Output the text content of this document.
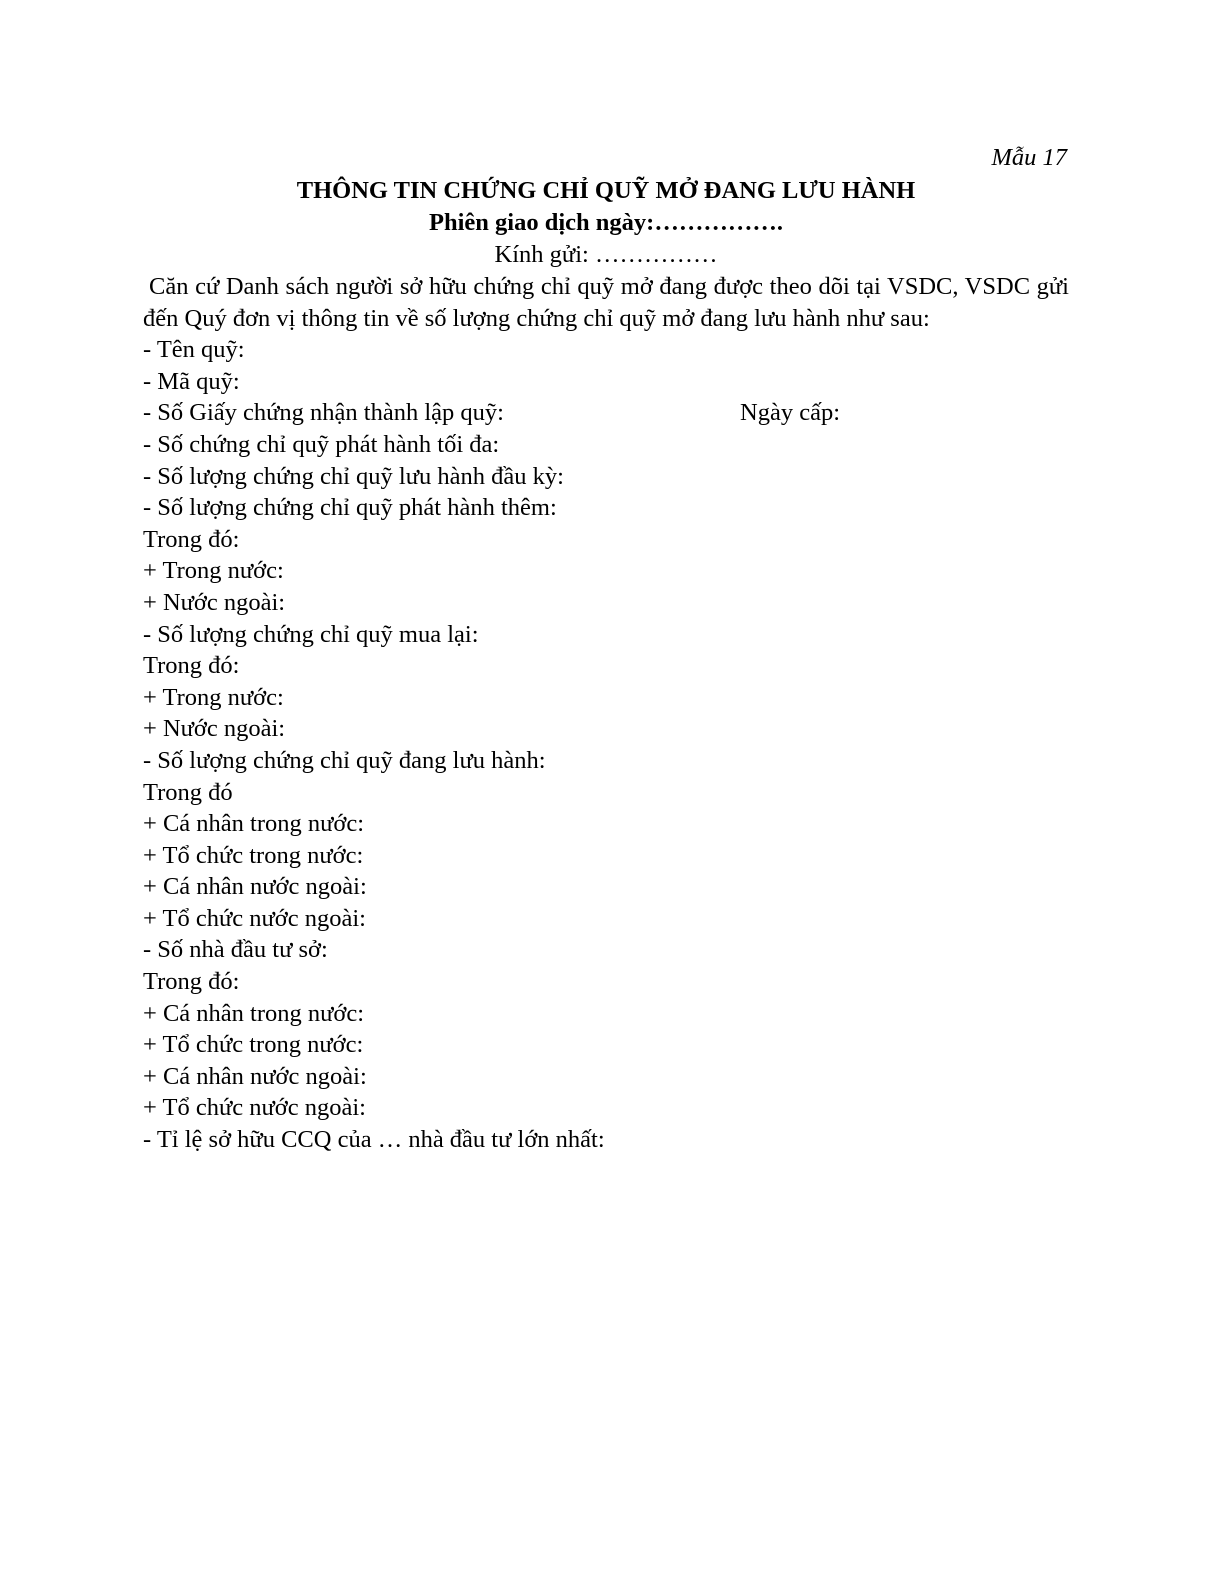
Mẫu 17
THÔNG TIN CHỨNG CHỈ QUỸ MỞ ĐANG LƯU HÀNH
Phiên giao dịch ngày:…………….
Kính gửi: ……………

Căn cứ Danh sách người sở hữu chứng chỉ quỹ mở đang được theo dõi tại VSDC, VSDC gửi đến Quý đơn vị thông tin về số lượng chứng chỉ quỹ mở đang lưu hành như sau:

- Tên quỹ:
- Mã quỹ:
- Số Giấy chứng nhận thành lập quỹ:	Ngày cấp:
- Số chứng chỉ quỹ phát hành tối đa:
- Số lượng chứng chỉ quỹ lưu hành đầu kỳ:
- Số lượng chứng chỉ quỹ phát hành thêm:
Trong đó:
+ Trong nước:
+ Nước ngoài:
- Số lượng chứng chỉ quỹ mua lại:
Trong đó:
+ Trong nước:
+ Nước ngoài:
- Số lượng chứng chỉ quỹ đang lưu hành:
Trong đó
+ Cá nhân trong nước:
+ Tổ chức trong nước:
+ Cá nhân nước ngoài:
+ Tổ chức nước ngoài:
- Số nhà đầu tư sở:
Trong đó:
+ Cá nhân trong nước:
+ Tổ chức trong nước:
+ Cá nhân nước ngoài:
+ Tổ chức nước ngoài:
- Tỉ lệ sở hữu CCQ của … nhà đầu tư lớn nhất:
